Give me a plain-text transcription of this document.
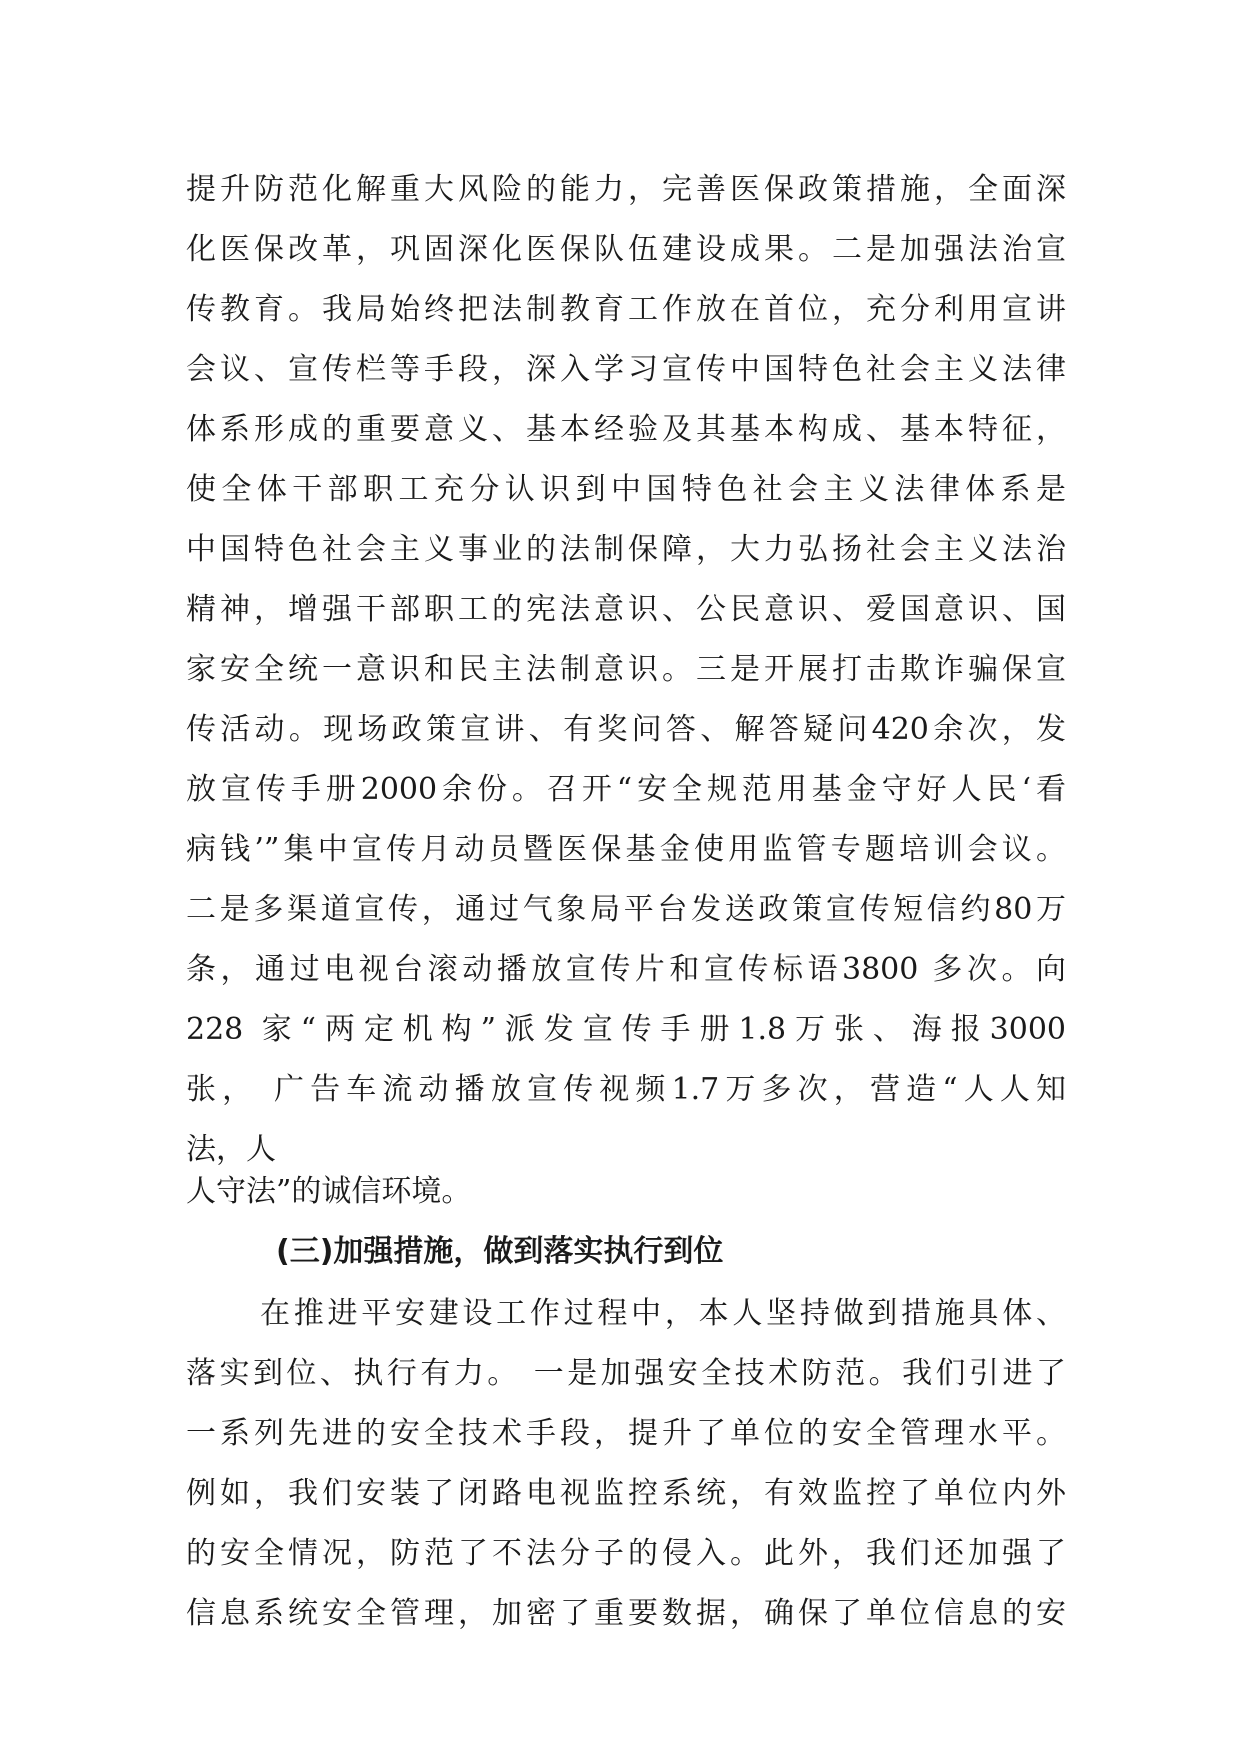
提升防范化解重大风险的能力，完善医保政策措施，全面深

化医保改革，巩固深化医保队伍建设成果。二是加强法治宣

传教育。我局始终把法制教育工作放在首位，充分利用宣讲

会议、宣传栏等手段，深入学习宣传中国特色社会主义法律

体系形成的重要意义、基本经验及其基本构成、基本特征，

使全体干部职工充分认识到中国特色社会主义法律体系是

中国特色社会主义事业的法制保障，大力弘扬社会主义法治

精神，增强干部职工的宪法意识、公民意识、爱国意识、国

家安全统一意识和民主法制意识。三是开展打击欺诈骗保宣

传活动。现场政策宣讲、有奖问答、解答疑问420余次，发

放宣传手册2000余份。召开“安全规范用基金守好人民‘看

病钱’”集中宣传月动员暨医保基金使用监管专题培训会议。

二是多渠道宣传，通过气象局平台发送政策宣传短信约80万

条，通过电视台滚动播放宣传片和宣传标语3800 多次。向

228 家“两定机构”派发宣传手册1.8万张、海报3000

张， 广告车流动播放宣传视频1.7万多次，营造“人人知

法，人

人守法”的诚信环境。

(三)加强措施，做到落实执行到位

在推进平安建设工作过程中，本人坚持做到措施具体、

落实到位、执行有力。 一是加强安全技术防范。我们引进了

一系列先进的安全技术手段，提升了单位的安全管理水平。

例如，我们安装了闭路电视监控系统，有效监控了单位内外

的安全情况，防范了不法分子的侵入。此外，我们还加强了

信息系统安全管理，加密了重要数据，确保了单位信息的安
